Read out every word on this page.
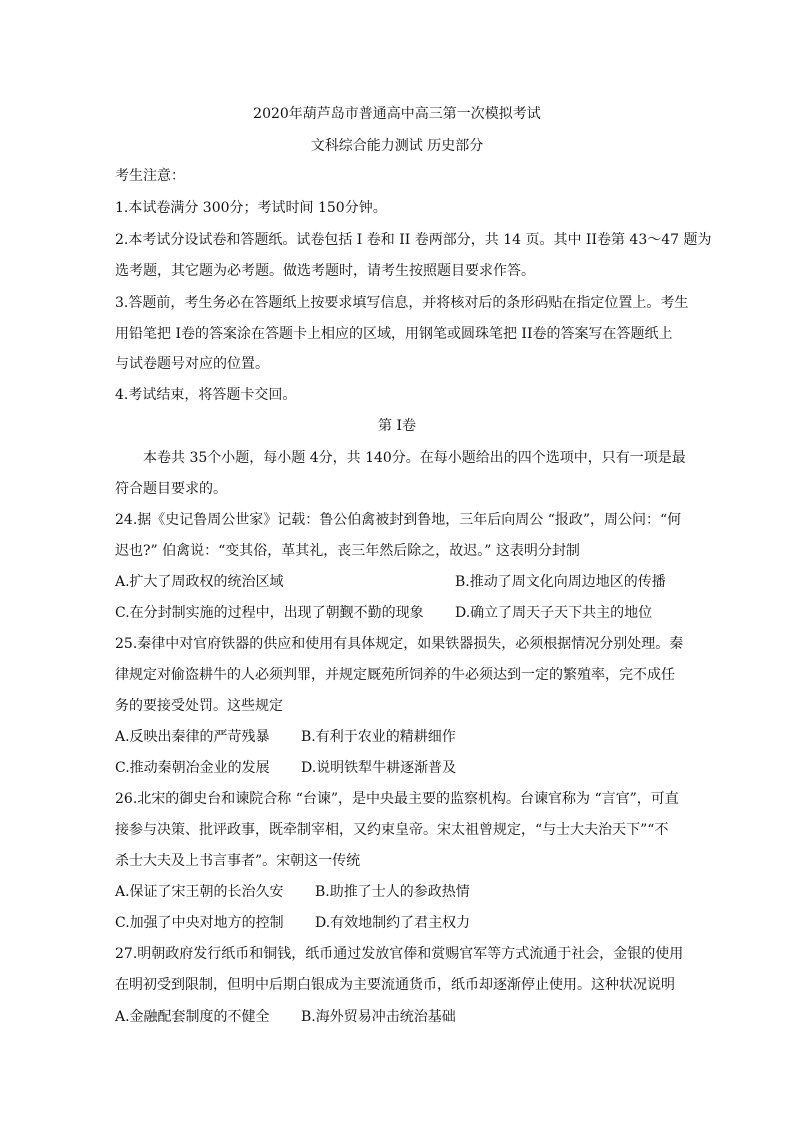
2020年葫芦岛市普通高中高三第一次模拟考试
文科综合能力测试 历史部分
考生注意：
1.本试卷满分 300分；考试时间 150分钟。
2.本考试分设试卷和答题纸。试卷包括 I 卷和 II 卷两部分，共 14 页。其中 II卷第 43～47 题为
选考题，其它题为必考题。做选考题时，请考生按照题目要求作答。
3.答题前，考生务必在答题纸上按要求填写信息，并将核对后的条形码贴在指定位置上。考生
用铅笔把 I卷的答案涂在答题卡上相应的区域，用钢笔或圆珠笔把 II卷的答案写在答题纸上
与试卷题号对应的位置。
4.考试结束，将答题卡交回。
第 I卷
本卷共 35个小题，每小题 4分，共 140分。在每小题给出的四个选项中，只有一项是最
符合题目要求的。
24.据《史记鲁周公世家》记载：鲁公伯禽被封到鲁地，三年后向周公 “报政”，周公问：“何
迟也?” 伯禽说：“变其俗，革其礼，丧三年然后除之，故迟。” 这表明分封制
A.扩大了周政权的统治区域	B.推动了周文化向周边地区的传播
C.在分封制实施的过程中，出现了朝觐不勤的现象 D.确立了周天子天下共主的地位
25.秦律中对官府铁器的供应和使用有具体规定，如果铁器损失，必须根据情况分别处理。秦
律规定对偷盗耕牛的人必须判罪，并规定厩苑所饲养的牛必须达到一定的繁殖率，完不成任
务的要接受处罚。这些规定
A.反映出秦律的严苛残暴 B.有利于农业的精耕细作
C.推动秦朝冶金业的发展 D.说明铁犁牛耕逐渐普及
26.北宋的御史台和谏院合称 “台谏”，是中央最主要的监察机构。台谏官称为 “言官”，可直
接参与决策、批评政事，既牵制宰相，又约束皇帝。宋太祖曾规定，“与士大夫治天下”“不
杀士大夫及上书言事者”。宋朝这一传统
A.保证了宋王朝的长治久安 B.助推了士人的参政热情
C.加强了中央对地方的控制 D.有效地制约了君主权力
27.明朝政府发行纸币和铜钱，纸币通过发放官俸和赏赐官军等方式流通于社会，金银的使用
在明初受到限制，但明中后期白银成为主要流通货币，纸币却逐渐停止使用。这种状况说明
A.金融配套制度的不健全 B.海外贸易冲击统治基础
